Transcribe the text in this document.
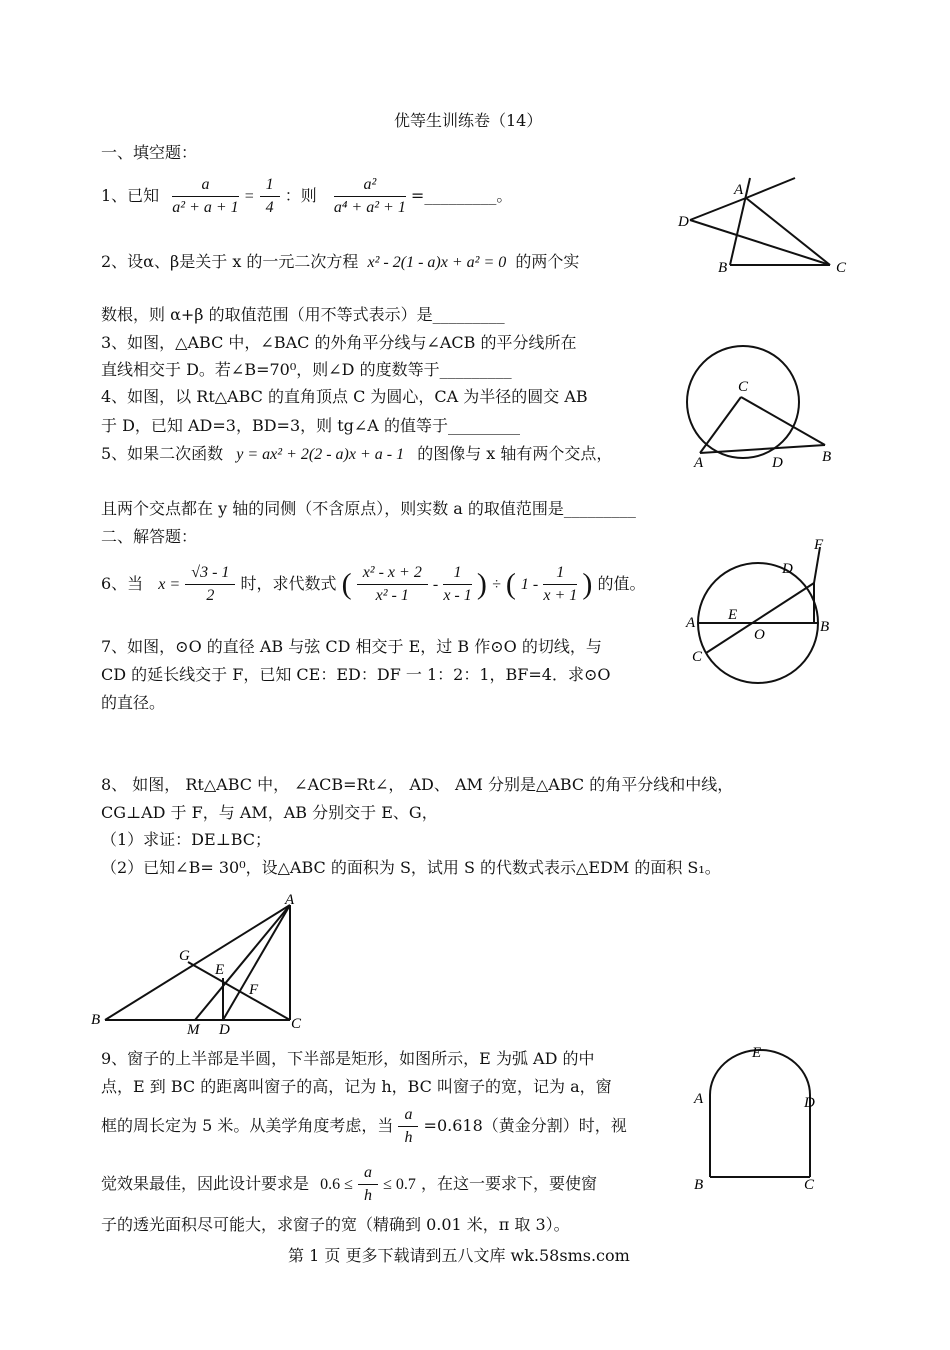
优等生训练卷（14）
一、填空题：
1、已知 $\frac{a}{\text{a² + a + 1}} = \frac{1}{4}$ ：则 $\frac{\text{a²}}{\text{a⁴ + a² + 1}}$ =_________。
2、设α、β是关于 x 的一元二次方程 x² - 2(1 - a)x + a² = 0 的两个实
数根，则 α+β 的取值范围（用不等式表示）是_________
3、如图，△ABC 中，∠BAC 的外角平分线与∠ACB 的平分线所在
直线相交于 D。若∠B=70⁰，则∠D 的度数等于_________
4、如图，以 Rt△ABC 的直角顶点 C 为圆心，CA 为半径的圆交 AB
于 D，已知 AD=3，BD=3，则 tg∠A 的值等于_________
5、如果二次函数 y = ax² + 2(2 - a)x + a - 1 的图像与 x 轴有两个交点，
且两个交点都在 y 轴的同侧（不含原点），则实数 a 的取值范围是_________
二、解答题：
6、当 $x = \frac{√3 - 1}{2}$ 时，求代数式 ( $\frac{\text{x² - x + 2}}{\text{x² - 1}} - \frac{1}{x - 1}$ ) ÷ ( $1 - \frac{1}{x + 1}$ ) 的值。
7、如图，⊙O 的直径 AB 与弦 CD 相交于 E，过 B 作⊙O 的切线，与
CD 的延长线交于 F，已知 CE：ED：DF 一 1：2：1，BF=4．求⊙O
的直径。
8、 如图， Rt△ABC 中， ∠ACB=Rt∠， AD、 AM 分别是△ABC 的角平分线和中线，
CG⊥AD 于 F，与 AM，AB 分别交于 E、G，
（1）求证：DE⊥BC；
（2）已知∠B= 30⁰，设△ABC 的面积为 S，试用 S 的代数式表示△EDM 的面积 S₁。
9、窗子的上半部是半圆，下半部是矩形，如图所示，E 为弧 AD 的中
点，E 到 BC 的距离叫窗子的高，记为 h，BC 叫窗子的宽，记为 a，窗
框的周长定为 5 米。从美学角度考虑，当 $\frac{a}{h} =0.618$（黄金分割）时，视
觉效果最佳，因此设计要求是 $0.6 \le \frac{a}{h} \le 0.7$ ，在这一要求下，要使窗
子的透光面积尽可能大，求窗子的宽（精确到 0.01 米，π 取 3）。
第 1 页 更多下载请到五八文库 wk.58sms.com
A
D
B	C
C
A	D	B
F
D
A E
O	B
C
A
G
E
F
B
M D	C
E
A	D
B	C
